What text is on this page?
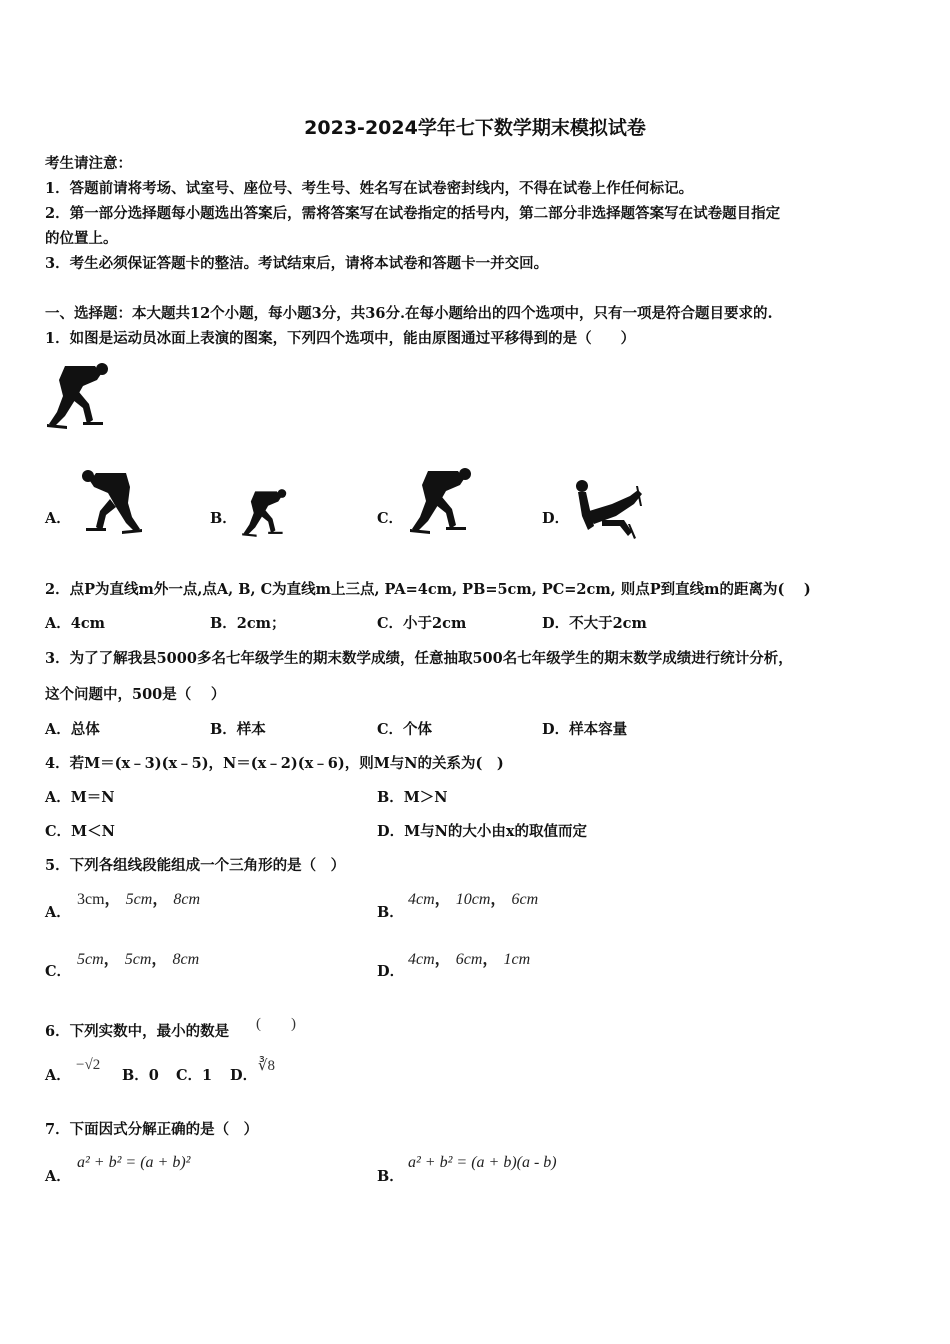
2023-2024学年七下数学期末模拟试卷
考生请注意：
1．答题前请将考场、试室号、座位号、考生号、姓名写在试卷密封线内，不得在试卷上作任何标记。
2．第一部分选择题每小题选出答案后，需将答案写在试卷指定的括号内，第二部分非选择题答案写在试卷题目指定
的位置上。
3．考生必须保证答题卡的整洁。考试结束后，请将本试卷和答题卡一并交回。
一、选择题：本大题共12个小题，每小题3分，共36分.在每小题给出的四个选项中，只有一项是符合题目要求的.
1．如图是运动员冰面上表演的图案，下列四个选项中，能由原图通过平移得到的是（　　）
A．	B．	C．	D．
2．点P为直线m外一点,点A, B, C为直线m上三点, PA=4cm, PB=5cm, PC=2cm, 则点P到直线m的距离为(　 )
A．4cm	B．2cm；	C．小于2cm	D．不大于2cm
3．为了了解我县5000多名七年级学生的期末数学成绩，任意抽取500名七年级学生的期末数学成绩进行统计分析，
这个问题中，500是（　 ）
A．总体	B．样本	C．个体	D．样本容量
4．若M＝(x﹣3)(x﹣5)，N＝(x﹣2)(x﹣6)，则M与N的关系为(　)
A．M＝N	B．M＞N
C．M＜N	D．M与N的大小由x的取值而定
5．下列各组线段能组成一个三角形的是（　）
A．
3cm， 5cm， 8cm
B．
4cm， 10cm， 6cm
C．
5cm， 5cm， 8cm
D．
4cm， 6cm， 1cm
6．下列实数中，最小的数是 (　　)
A．
−√2
B．0 C．1 D．
∛8
7．下面因式分解正确的是（　）
A．
a² + b² = (a + b)²
B．
a² + b² = (a + b)(a - b)
